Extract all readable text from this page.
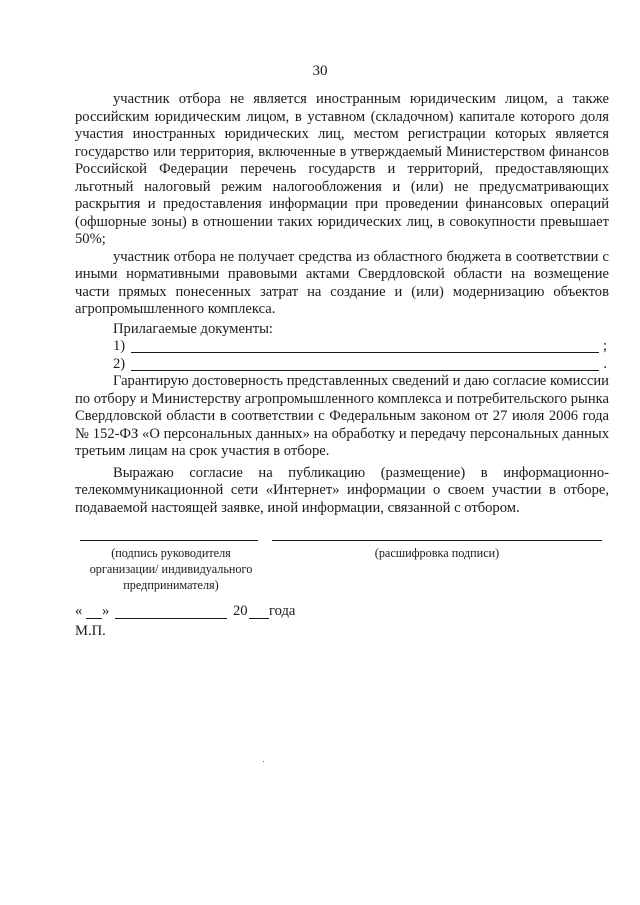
30

участник отбора не является иностранным юридическим лицом, а также российским юридическим лицом, в уставном (складочном) капитале которого доля участия иностранных юридических лиц, местом регистрации которых является государство или территория, включенные в утверждаемый Министерством финансов Российской Федерации перечень государств и территорий, предоставляющих льготный налоговый режим налогообложения и (или) не предусматривающих раскрытия и предоставления информации при проведении финансовых операций (офшорные зоны) в отношении таких юридических лиц, в совокупности превышает 50%;

участник отбора не получает средства из областного бюджета в соответствии с иными нормативными правовыми актами Свердловской области на возмещение части прямых понесенных затрат на создание и (или) модернизацию объектов агропромышленного комплекса.

Прилагаемые документы:

1)	;
2)	.

Гарантирую достоверность представленных сведений и даю согласие комиссии по отбору и Министерству агропромышленного комплекса и потребительского рынка Свердловской области в соответствии с Федеральным законом от 27 июля 2006 года № 152-ФЗ «О персональных данных» на обработку и передачу персональных данных третьим лицам на срок участия в отборе.

Выражаю согласие на публикацию (размещение) в информационно-телекоммуникационной сети «Интернет» информации о своем участии в отборе, подаваемой настоящей заявке, иной информации, связанной с отбором.

(подпись руководителя
организации/ индивидуального
предпринимателя)
(расшифровка подписи)
« »	20 года
М.П.
